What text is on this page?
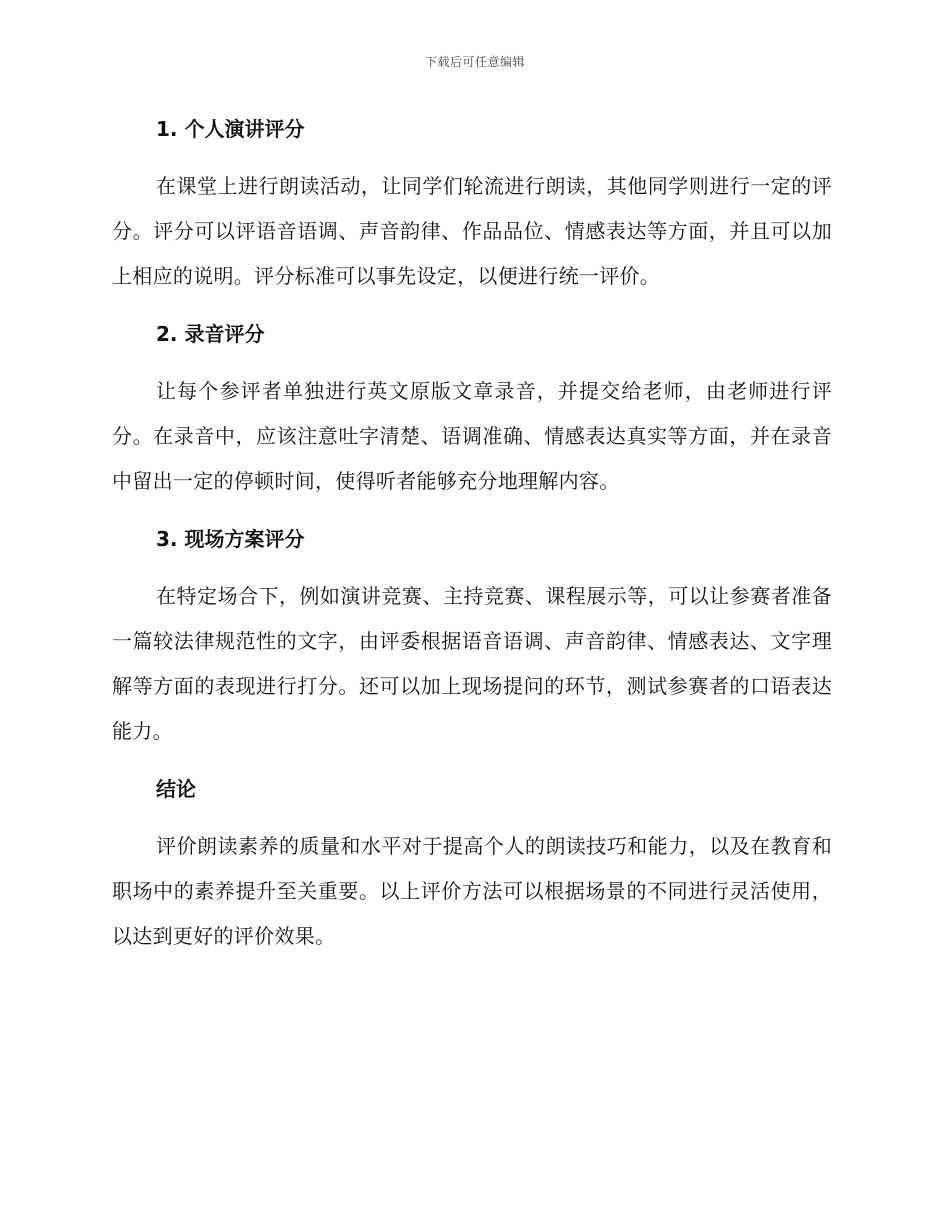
下载后可任意编辑
1. 个人演讲评分

在课堂上进行朗读活动，让同学们轮流进行朗读，其他同学则进行一定的评分。评分可以评语音语调、声音韵律、作品品位、情感表达等方面，并且可以加上相应的说明。评分标准可以事先设定，以便进行统一评价。

2. 录音评分

让每个参评者单独进行英文原版文章录音，并提交给老师，由老师进行评分。在录音中，应该注意吐字清楚、语调准确、情感表达真实等方面，并在录音中留出一定的停顿时间，使得听者能够充分地理解内容。

3. 现场方案评分

在特定场合下，例如演讲竞赛、主持竞赛、课程展示等，可以让参赛者准备一篇较法律规范性的文字，由评委根据语音语调、声音韵律、情感表达、文字理解等方面的表现进行打分。还可以加上现场提问的环节，测试参赛者的口语表达能力。

结论

评价朗读素养的质量和水平对于提高个人的朗读技巧和能力，以及在教育和职场中的素养提升至关重要。以上评价方法可以根据场景的不同进行灵活使用，以达到更好的评价效果。
